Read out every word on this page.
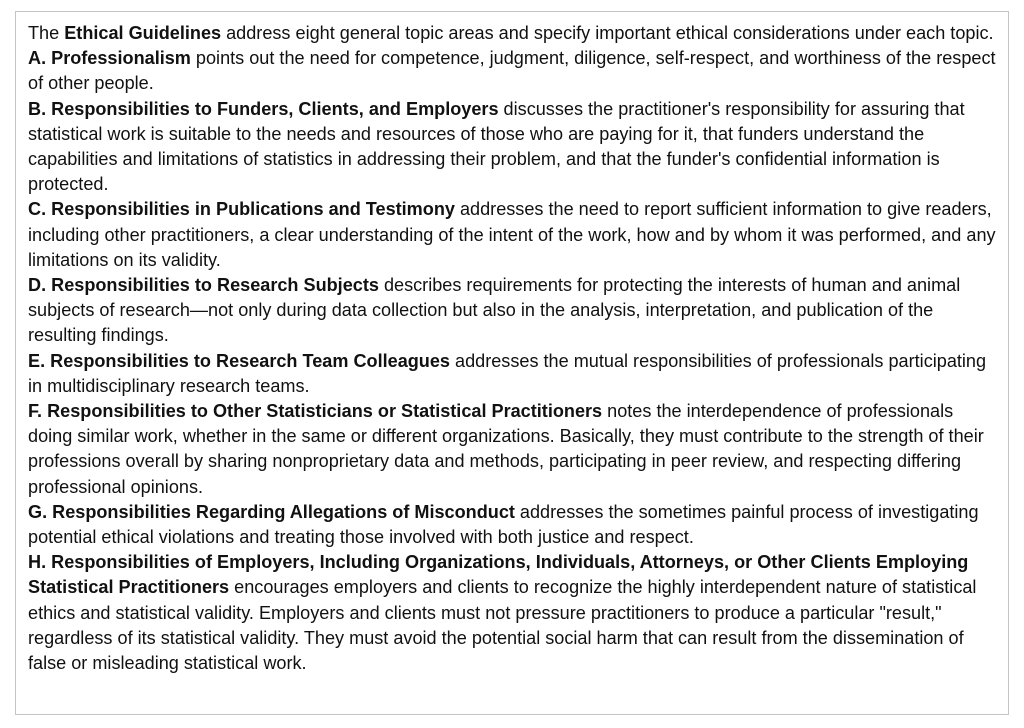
The Ethical Guidelines address eight general topic areas and specify important ethical considerations under each topic.

A. Professionalism points out the need for competence, judgment, diligence, self-respect, and worthiness of the respect of other people.

B. Responsibilities to Funders, Clients, and Employers discusses the practitioner's responsibility for assuring that statistical work is suitable to the needs and resources of those who are paying for it, that funders understand the capabilities and limitations of statistics in addressing their problem, and that the funder's confidential information is protected.

C. Responsibilities in Publications and Testimony addresses the need to report sufficient information to give readers, including other practitioners, a clear understanding of the intent of the work, how and by whom it was performed, and any limitations on its validity.

D. Responsibilities to Research Subjects describes requirements for protecting the interests of human and animal subjects of research—not only during data collection but also in the analysis, interpretation, and publication of the resulting findings.

E. Responsibilities to Research Team Colleagues addresses the mutual responsibilities of professionals participating in multidisciplinary research teams.

F. Responsibilities to Other Statisticians or Statistical Practitioners notes the interdependence of professionals doing similar work, whether in the same or different organizations. Basically, they must contribute to the strength of their professions overall by sharing nonproprietary data and methods, participating in peer review, and respecting differing professional opinions.

G. Responsibilities Regarding Allegations of Misconduct addresses the sometimes painful process of investigating potential ethical violations and treating those involved with both justice and respect.

H. Responsibilities of Employers, Including Organizations, Individuals, Attorneys, or Other Clients Employing Statistical Practitioners encourages employers and clients to recognize the highly interdependent nature of statistical ethics and statistical validity. Employers and clients must not pressure practitioners to produce a particular "result," regardless of its statistical validity. They must avoid the potential social harm that can result from the dissemination of false or misleading statistical work.
